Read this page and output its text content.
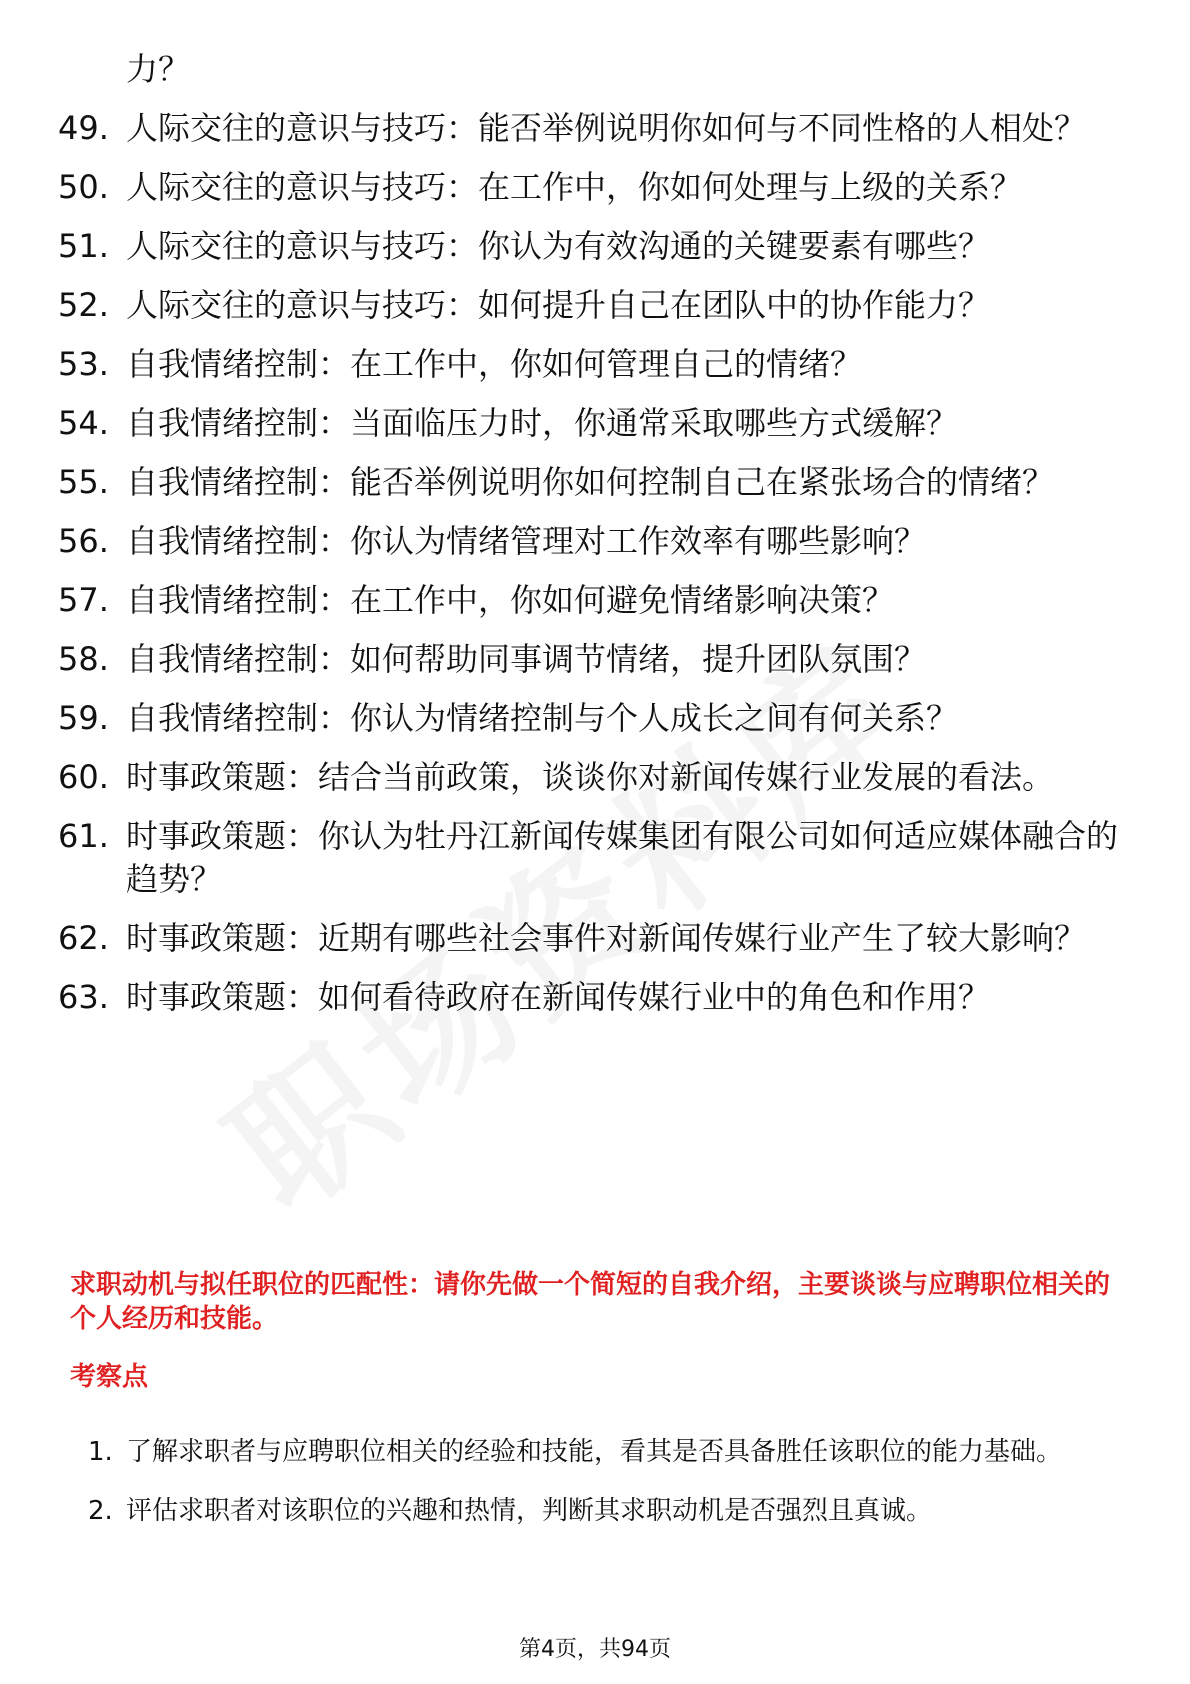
力？
49. 人际交往的意识与技巧：能否举例说明你如何与不同性格的人相处？
50. 人际交往的意识与技巧：在工作中，你如何处理与上级的关系？
51. 人际交往的意识与技巧：你认为有效沟通的关键要素有哪些？
52. 人际交往的意识与技巧：如何提升自己在团队中的协作能力？
53. 自我情绪控制：在工作中，你如何管理自己的情绪？
54. 自我情绪控制：当面临压力时，你通常采取哪些方式缓解？
55. 自我情绪控制：能否举例说明你如何控制自己在紧张场合的情绪？
56. 自我情绪控制：你认为情绪管理对工作效率有哪些影响？
57. 自我情绪控制：在工作中，你如何避免情绪影响决策？
58. 自我情绪控制：如何帮助同事调节情绪，提升团队氛围？
59. 自我情绪控制：你认为情绪控制与个人成长之间有何关系？
60. 时事政策题：结合当前政策，谈谈你对新闻传媒行业发展的看法。
61. 时事政策题：你认为牡丹江新闻传媒集团有限公司如何适应媒体融合的趋势？
62. 时事政策题：近期有哪些社会事件对新闻传媒行业产生了较大影响？
63. 时事政策题：如何看待政府在新闻传媒行业中的角色和作用？
求职动机与拟任职位的匹配性：请你先做一个简短的自我介绍，主要谈谈与应聘职位相关的个人经历和技能。
考察点
1. 了解求职者与应聘职位相关的经验和技能，看其是否具备胜任该职位的能力基础。
2. 评估求职者对该职位的兴趣和热情，判断其求职动机是否强烈且真诚。
第4页，共94页
